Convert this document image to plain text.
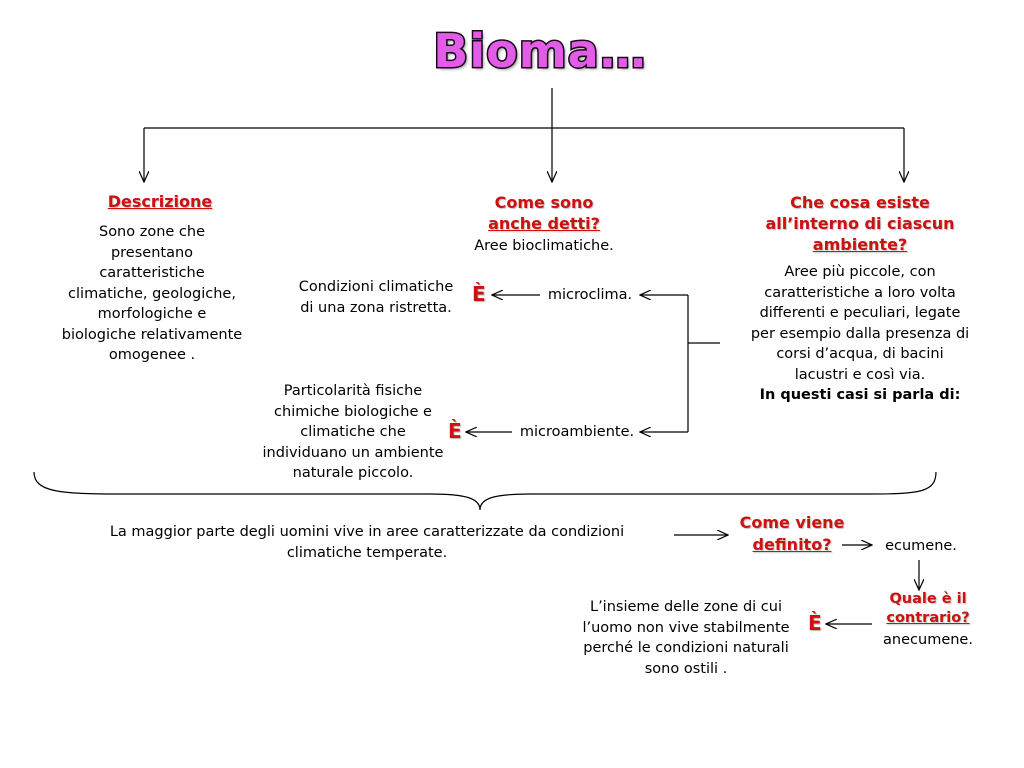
Bioma…
Descrizione
Sono zone che
presentano
caratteristiche
climatiche, geologiche,
morfologiche e
biologiche relativamente
omogenee .
Come sono
anche detti?
Aree bioclimatiche.
Che cosa esiste
all’interno di ciascun
ambiente?
Aree più piccole, con
caratteristiche a loro volta
differenti e peculiari, legate
per esempio dalla presenza di
corsi d’acqua, di bacini
lacustri e così via.
In questi casi si parla di:
microclima.
È
Condizioni climatiche
di una zona ristretta.
microambiente.
È
Particolarità fisiche
chimiche biologiche e
climatiche che
individuano un ambiente
naturale piccolo.
La maggior parte degli uomini vive in aree caratterizzate da condizioni
climatiche temperate.
Come viene
definito?	ecumene.
Quale è il
contrario?
anecumene.
È
L’insieme delle zone di cui
l’uomo non vive stabilmente
perché le condizioni naturali
sono ostili .
